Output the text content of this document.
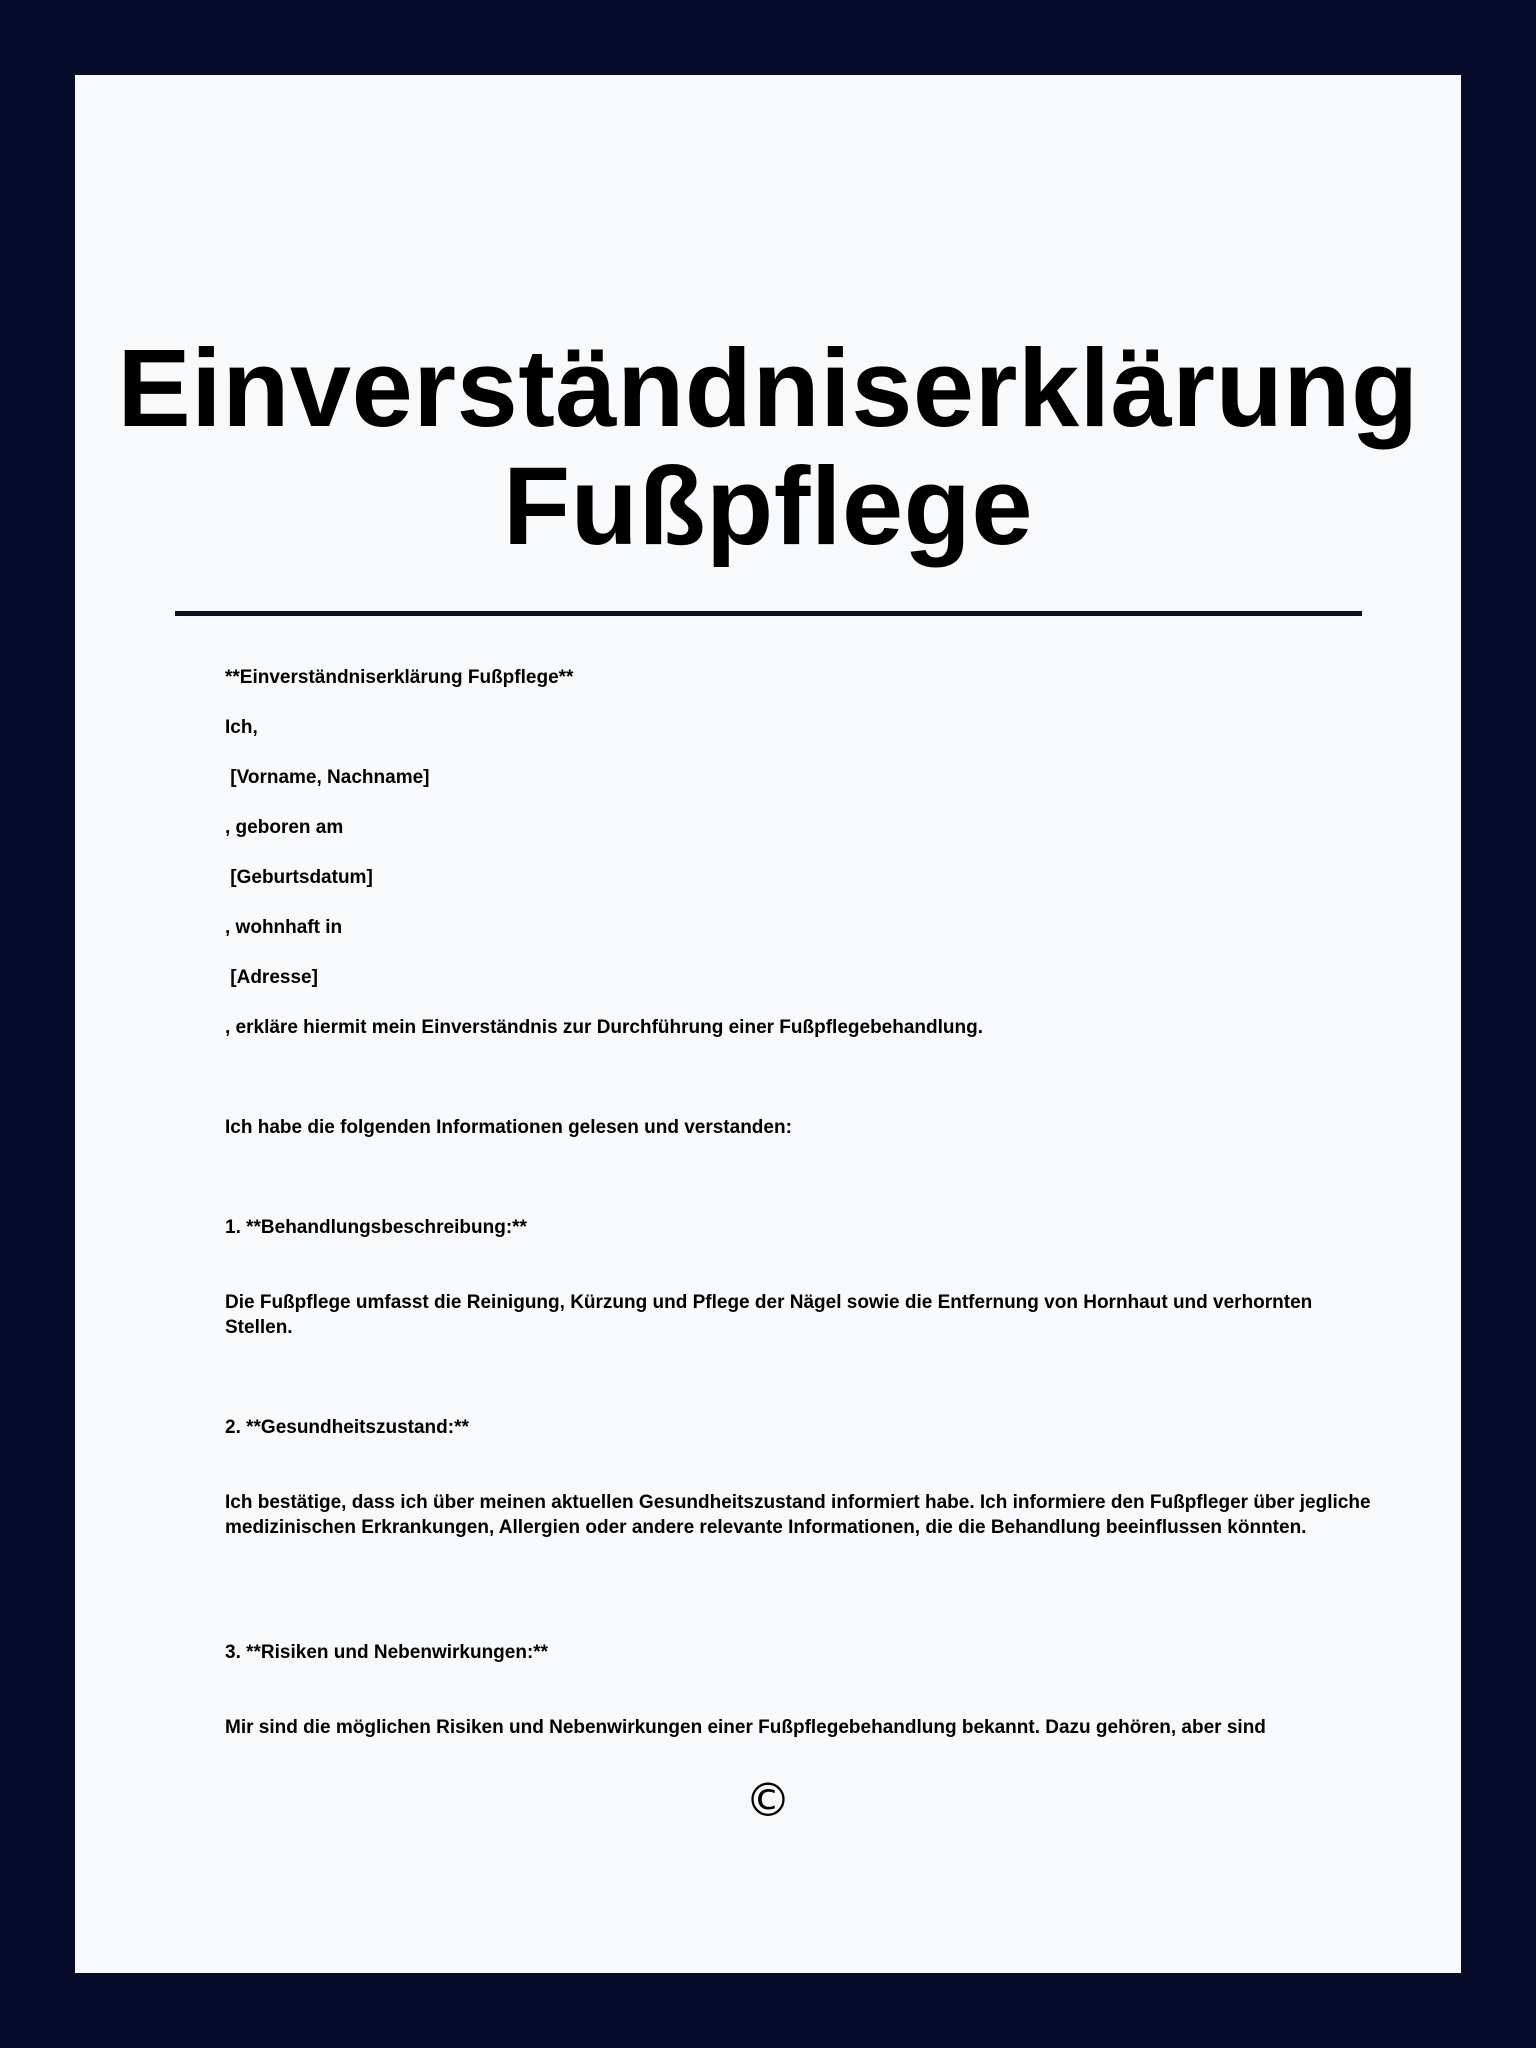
Einverständniserklärung
Fußpflege
**Einverständniserklärung Fußpflege**
Ich,
[Vorname, Nachname]
, geboren am
[Geburtsdatum]
, wohnhaft in
[Adresse]
, erkläre hiermit mein Einverständnis zur Durchführung einer Fußpflegebehandlung.
Ich habe die folgenden Informationen gelesen und verstanden:
1. **Behandlungsbeschreibung:**
Die Fußpflege umfasst die Reinigung, Kürzung und Pflege der Nägel sowie die Entfernung von Hornhaut und verhornten Stellen.
2. **Gesundheitszustand:**
Ich bestätige, dass ich über meinen aktuellen Gesundheitszustand informiert habe. Ich informiere den Fußpfleger über jegliche medizinischen Erkrankungen, Allergien oder andere relevante Informationen, die die Behandlung beeinflussen könnten.
3. **Risiken und Nebenwirkungen:**
Mir sind die möglichen Risiken und Nebenwirkungen einer Fußpflegebehandlung bekannt. Dazu gehören, aber sind
©
